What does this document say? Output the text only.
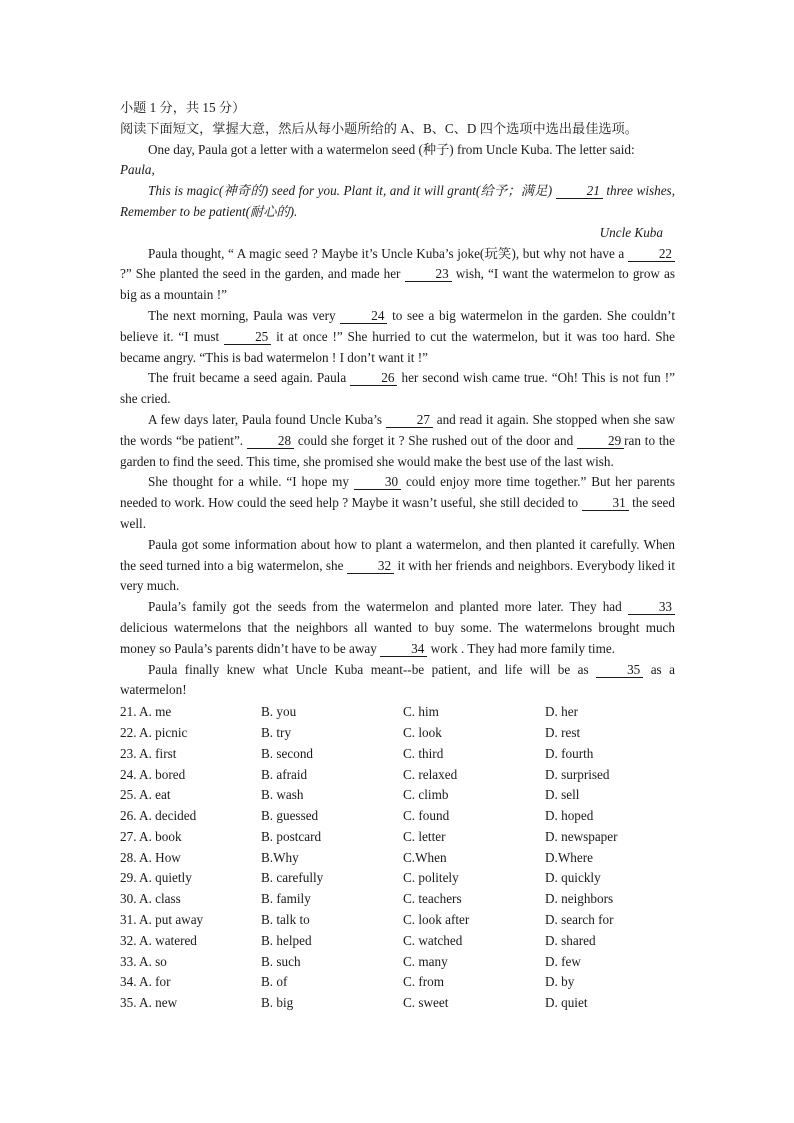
小题 1 分，共 15 分）
阅读下面短文，掌握大意，然后从每小题所给的 A、B、C、D 四个选项中选出最佳选项。
One day, Paula got a letter with a watermelon seed (种子) from Uncle Kuba. The letter said:
Paula,
This is magic(神奇的) seed for you. Plant it, and it will grant(给予；满足) 21 three wishes, Remember to be patient(耐心的).
Uncle Kuba
Paula thought, “ A magic seed ? Maybe it’s Uncle Kuba’s joke(玩笑), but why not have a 22?” She planted the seed in the garden, and made her 23 wish, “I want the watermelon to grow as big as a mountain !”
The next morning, Paula was very 24 to see a big watermelon in the garden. She couldn’t believe it. “I must 25 it at once !” She hurried to cut the watermelon, but it was too hard. She became angry. “This is bad watermelon ! I don’t want it !”
The fruit became a seed again. Paula 26 her second wish came true. “Oh! This is not fun !” she cried.
A few days later, Paula found Uncle Kuba’s 27 and read it again. She stopped when she saw the words “be patient”. 28 could she forget it ? She rushed out of the door and 29 ran to the garden to find the seed. This time, she promised she would make the best use of the last wish.
She thought for a while. “I hope my 30 could enjoy more time together.” But her parents needed to work. How could the seed help ? Maybe it wasn’t useful, she still decided to 31 the seed well.
Paula got some information about how to plant a watermelon, and then planted it carefully. When the seed turned into a big watermelon, she 32 it with her friends and neighbors. Everybody liked it very much.
Paula’s family got the seeds from the watermelon and planted more later. They had 33 delicious watermelons that the neighbors all wanted to buy some. The watermelons brought much money so Paula’s parents didn’t have to be away 34 work . They had more family time.
Paula finally knew what Uncle Kuba meant--be patient, and life will be as 35 as a watermelon!
21. A. me	B. you	C. him	D. her
22. A. picnic	B. try	C. look	D. rest
23. A. first	B. second	C. third	D. fourth
24. A. bored	B. afraid	C. relaxed	D. surprised
25. A. eat	B. wash	C. climb	D. sell
26. A. decided	B. guessed	C. found	D. hoped
27. A. book	B. postcard	C. letter	D. newspaper
28. A. How	B.Why	C.When	D.Where
29. A. quietly	B. carefully	C. politely	D. quickly
30. A. class	B. family	C. teachers	D. neighbors
31. A. put away	B. talk to	C. look after	D. search for
32. A. watered	B. helped	C. watched	D. shared
33. A. so	B. such	C. many	D. few
34. A. for	B. of	C. from	D. by
35. A. new	B. big	C. sweet	D. quiet
